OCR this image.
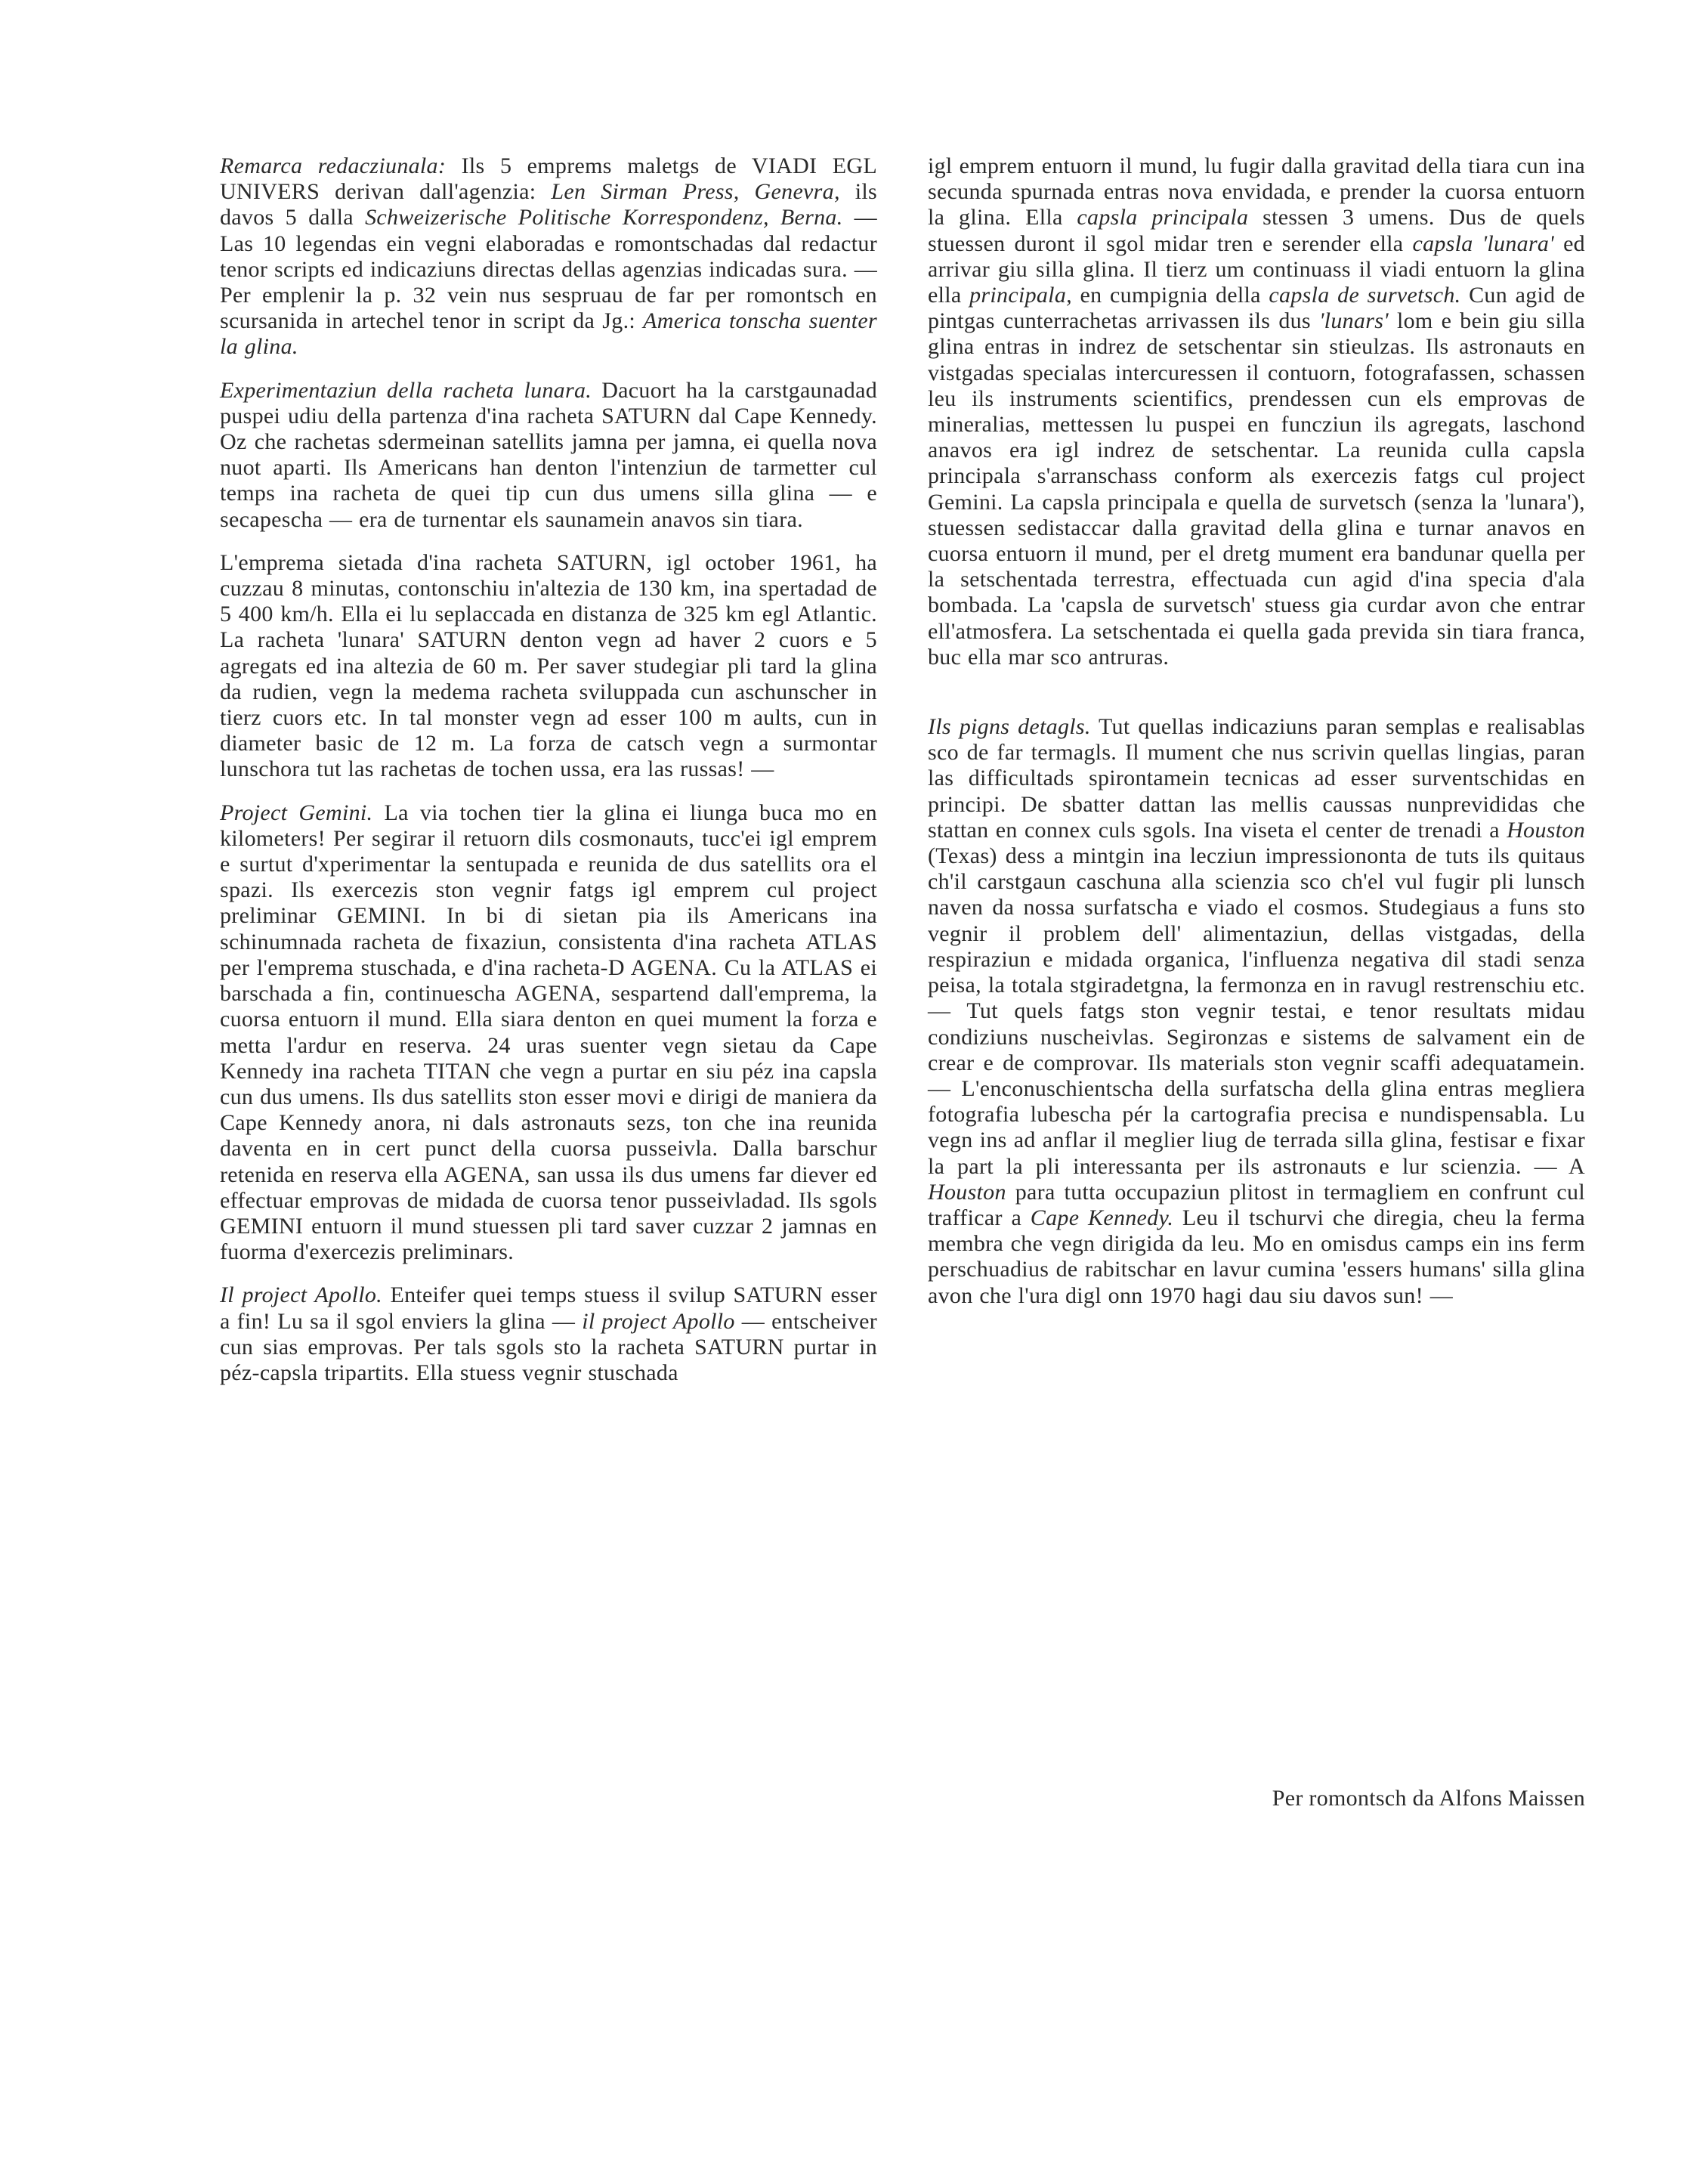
Remarca redacziunala: Ils 5 emprems maletgs de VIADI EGL UNIVERS derivan dall'agenzia: Len Sirman Press, Genevra, ils davos 5 dalla Schweizerische Politische Korrespondenz, Berna. — Las 10 legendas ein vegni elaboradas e romontschadas dal redactur tenor scripts ed indicaziuns directas dellas agenzias indicadas sura. — Per emplenir la p. 32 vein nus sespruau de far per romontsch en scursanida in artechel tenor in script da Jg.: America tonscha suenter la glina.

Experimentaziun della racheta lunara. Dacuort ha la carstgaunadad puspei udiu della partenza d'ina racheta SATURN dal Cape Kennedy. Oz che rachetas sdermeinan satellits jamna per jamna, ei quella nova nuot aparti. Ils Americans han denton l'intenziun de tarmetter cul temps ina racheta de quei tip cun dus umens silla glina — e secapescha — era de turnentar els saunamein anavos sin tiara.

L'emprema sietada d'ina racheta SATURN, igl october 1961, ha cuzzau 8 minutas, contonschiu in'altezia de 130 km, ina spertadad de 5 400 km/h. Ella ei lu seplaccada en distanza de 325 km egl Atlantic. La racheta 'lunara' SATURN denton vegn ad haver 2 cuors e 5 agregats ed ina altezia de 60 m. Per saver studegiar pli tard la glina da rudien, vegn la medema racheta sviluppada cun aschunscher in tierz cuors etc. In tal monster vegn ad esser 100 m aults, cun in diameter basic de 12 m. La forza de catsch vegn a surmontar lunschora tut las rachetas de tochen ussa, era las russas! —

Project Gemini. La via tochen tier la glina ei liunga buca mo en kilometers! Per segirar il retuorn dils cosmonauts, tucc'ei igl emprem e surtut d'xperimentar la sentupada e reunida de dus satellits ora el spazi. Ils exercezis ston vegnir fatgs igl emprem cul project preliminar GEMINI. In bi di sietan pia ils Americans ina schinumnada racheta de fixaziun, consistenta d'ina racheta ATLAS per l'emprema stuschada, e d'ina racheta-D AGENA. Cu la ATLAS ei barschada a fin, continuescha AGENA, sespartend dall'emprema, la cuorsa entuorn il mund. Ella siara denton en quei mument la forza e metta l'ardur en reserva. 24 uras suenter vegn sietau da Cape Kennedy ina racheta TITAN che vegn a purtar en siu péz ina capsla cun dus umens. Ils dus satellits ston esser movi e dirigi de maniera da Cape Kennedy anora, ni dals astronauts sezs, ton che ina reunida daventa en in cert punct della cuorsa pusseivla. Dalla barschur retenida en reserva ella AGENA, san ussa ils dus umens far diever ed effectuar emprovas de midada de cuorsa tenor pusseivladad. Ils sgols GEMINI entuorn il mund stuessen pli tard saver cuzzar 2 jamnas en fuorma d'exercezis preliminars.

Il project Apollo. Enteifer quei temps stuess il svilup SATURN esser a fin! Lu sa il sgol enviers la glina — il project Apollo — entscheiver cun sias emprovas. Per tals sgols sto la racheta SATURN purtar in péz-capsla tripartits. Ella stuess vegnir stuschada

igl emprem entuorn il mund, lu fugir dalla gravitad della tiara cun ina secunda spurnada entras nova envidada, e prender la cuorsa entuorn la glina. Ella capsla principala stessen 3 umens. Dus de quels stuessen duront il sgol midar tren e serender ella capsla 'lunara' ed arrivar giu silla glina. Il tierz um continuass il viadi entuorn la glina ella principala, en cumpignia della capsla de survetsch. Cun agid de pintgas cunterrachetas arrivassen ils dus 'lunars' lom e bein giu silla glina entras in indrez de setschentar sin stieulzas. Ils astronauts en vistgadas specialas intercuressen il contuorn, fotografassen, schassen leu ils instruments scientifics, prendessen cun els emprovas de mineralias, mettessen lu puspei en funcziun ils agregats, laschond anavos era igl indrez de setschentar. La reunida culla capsla principala s'arranschass conform als exercezis fatgs cul project Gemini. La capsla principala e quella de survetsch (senza la 'lunara'), stuessen sedistaccar dalla gravitad della glina e turnar anavos en cuorsa entuorn il mund, per el dretg mument era bandunar quella per la setschentada terrestra, effectuada cun agid d'ina specia d'ala bombada. La 'capsla de survetsch' stuess gia curdar avon che entrar ell'atmosfera. La setschentada ei quella gada previda sin tiara franca, buc ella mar sco antruras.

Ils pigns detagls. Tut quellas indicaziuns paran semplas e realisablas sco de far termagls. Il mument che nus scrivin quellas lingias, paran las difficultads spirontamein tecnicas ad esser surventschidas en principi. De sbatter dattan las mellis caussas nunprevididas che stattan en connex culs sgols. Ina viseta el center de trenadi a Houston (Texas) dess a mintgin ina lecziun impressiononta de tuts ils quitaus ch'il carstgaun caschuna alla scienzia sco ch'el vul fugir pli lunsch naven da nossa surfatscha e viado el cosmos. Studegiaus a funs sto vegnir il problem dell' alimentaziun, dellas vistgadas, della respiraziun e midada organica, l'influenza negativa dil stadi senza peisa, la totala stgiradetgna, la fermonza en in ravugl restrenschiu etc. — Tut quels fatgs ston vegnir testai, e tenor resultats midau condiziuns nuscheivlas. Segironzas e sistems de salvament ein de crear e de comprovar. Ils materials ston vegnir scaffi adequatamein. — L'enconuschientscha della surfatscha della glina entras megliera fotografia lubescha pér la cartografia precisa e nundispensabla. Lu vegn ins ad anflar il meglier liug de terrada silla glina, festisar e fixar la part la pli interessanta per ils astronauts e lur scienzia. — A Houston para tutta occupaziun plitost in termagliem en confrunt cul trafficar a Cape Kennedy. Leu il tschurvi che diregia, cheu la ferma membra che vegn dirigida da leu. Mo en omisdus camps ein ins ferm perschuadius de rabitschar en lavur cumina 'essers humans' silla glina avon che l'ura digl onn 1970 hagi dau siu davos sun! —

Per romontsch da Alfons Maissen
